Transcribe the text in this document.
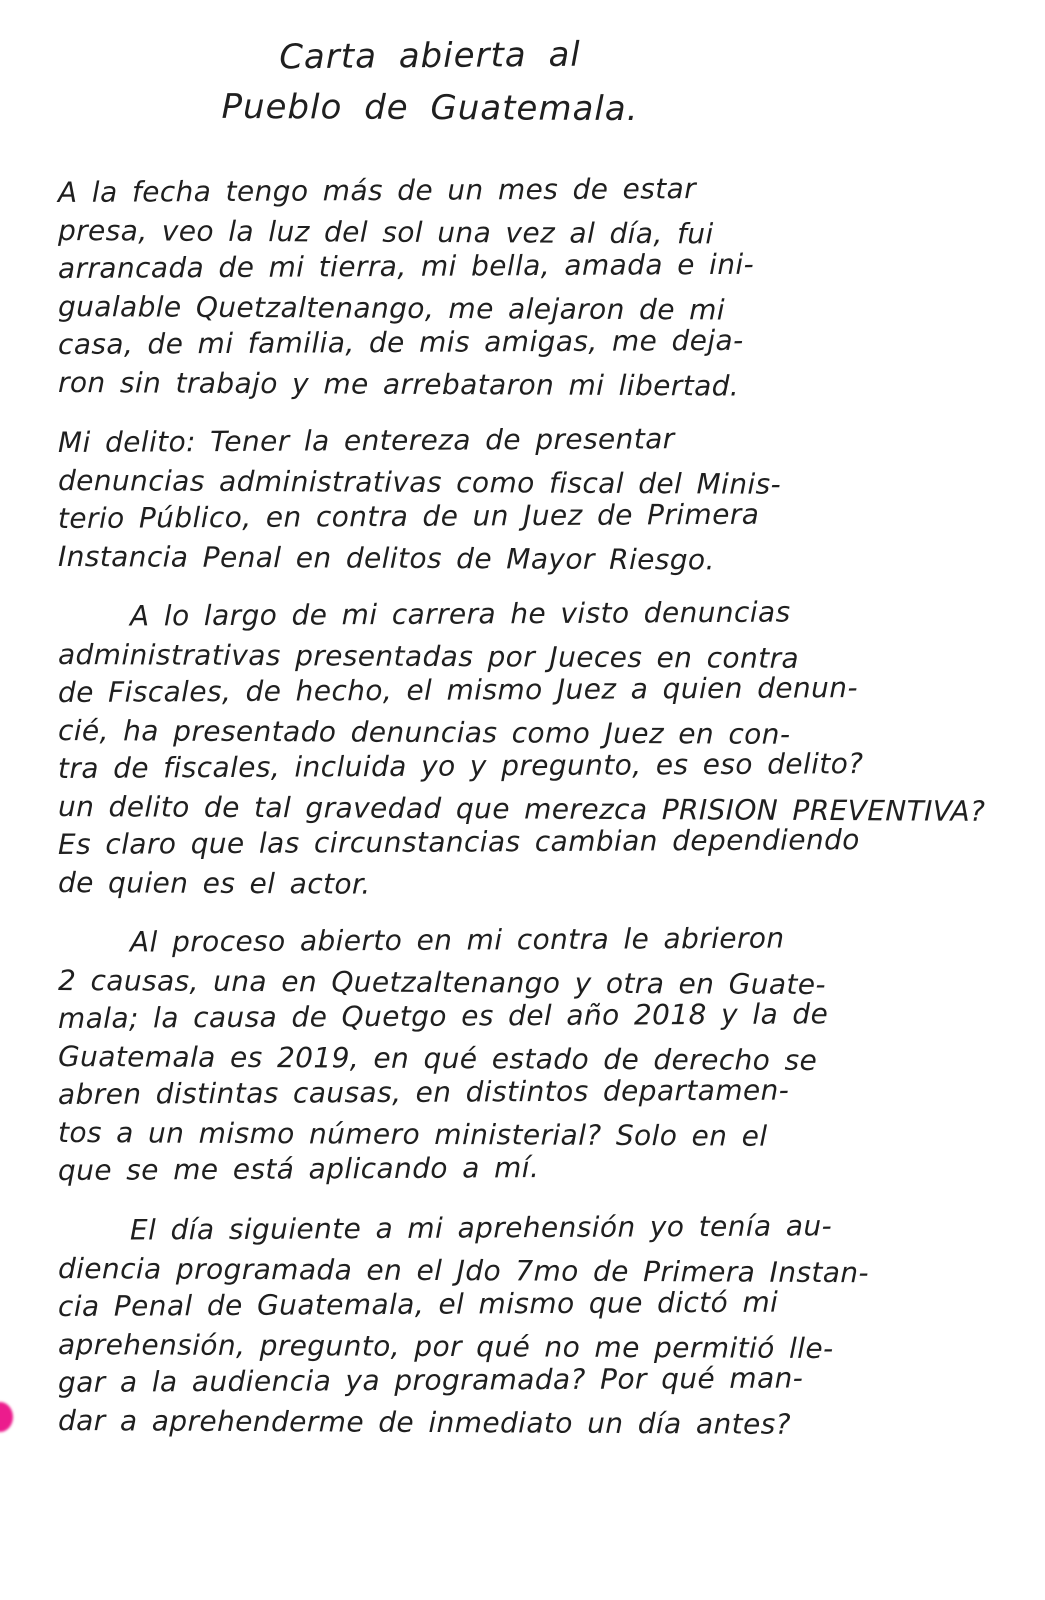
Carta abierta al
Pueblo de Guatemala.
A la fecha tengo más de un mes de estar
presa, veo la luz del sol una vez al día, fui
arrancada de mi tierra, mi bella, amada e ini-
gualable Quetzaltenango, me alejaron de mi
casa, de mi familia, de mis amigas, me deja-
ron sin trabajo y me arrebataron mi libertad.
Mi delito: Tener la entereza de presentar
denuncias administrativas como fiscal del Minis-
terio Público, en contra de un Juez de Primera
Instancia Penal en delitos de Mayor Riesgo.
A lo largo de mi carrera he visto denuncias
administrativas presentadas por Jueces en contra
de Fiscales, de hecho, el mismo Juez a quien denun-
cié, ha presentado denuncias como Juez en con-
tra de fiscales, incluida yo y pregunto, es eso delito?
un delito de tal gravedad que merezca PRISION PREVENTIVA?
Es claro que las circunstancias cambian dependiendo
de quien es el actor.
Al proceso abierto en mi contra le abrieron
2 causas, una en Quetzaltenango y otra en Guate-
mala; la causa de Quetgo es del año 2018 y la de
Guatemala es 2019, en qué estado de derecho se
abren distintas causas, en distintos departamen-
tos a un mismo número ministerial? Solo en el
que se me está aplicando a mí.
El día siguiente a mi aprehensión yo tenía au-
diencia programada en el Jdo 7mo de Primera Instan-
cia Penal de Guatemala, el mismo que dictó mi
aprehensión, pregunto, por qué no me permitió lle-
gar a la audiencia ya programada? Por qué man-
dar a aprehenderme de inmediato un día antes?
